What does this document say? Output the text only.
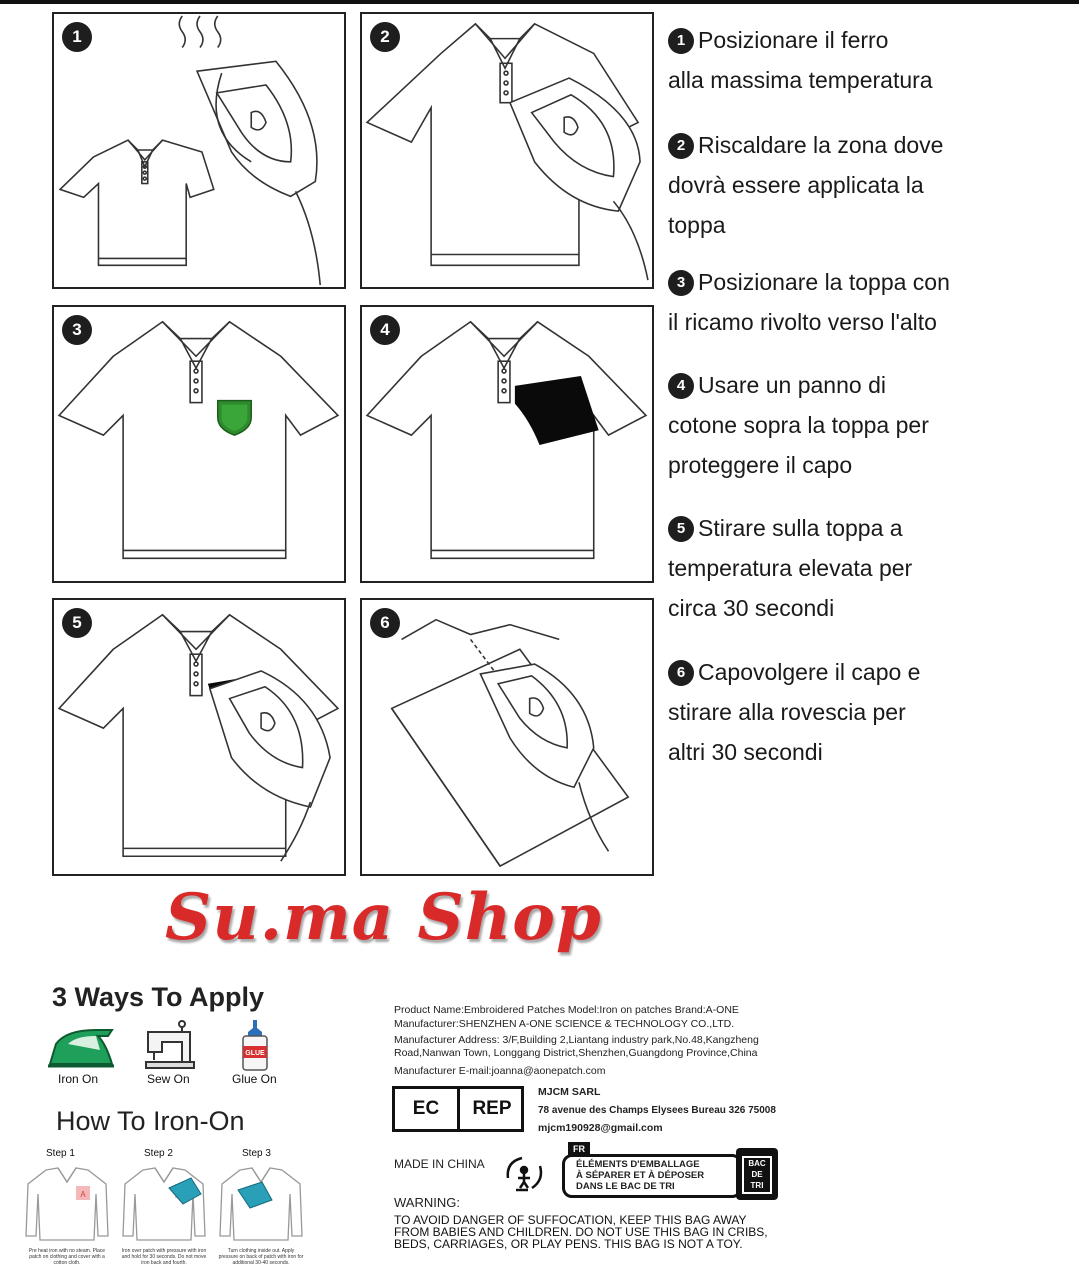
1	2
3	4
5	6
1 Posizionare il ferro
alla massima temperatura
2 Riscaldare la zona dove
dovrà essere applicata la
toppa
3 Posizionare la toppa con
il ricamo rivolto verso l'alto
4 Usare un panno di
cotone sopra la toppa per
proteggere il capo
5 Stirare sulla toppa a
temperatura elevata per
circa 30 secondi
6 Capovolgere il capo e
stirare alla rovescia per
altri 30 secondi
Su.ma Shop
3 Ways To Apply
GLUE
Iron On	Sew On	Glue On
How To Iron-On
Step 1	Step 2	Step 3
A
Pre heat iron with no steam. Place patch on clothing and cover with a cotton cloth.
Iron over patch with pressure with iron and hold for 30 seconds. Do not move iron back and fourth.
Turn clothing inside out. Apply pressure on back of patch with iron for additional 30-40 seconds.
Product Name:Embroidered Patches Model:Iron on patches Brand:A-ONE
Manufacturer:SHENZHEN A-ONE SCIENCE & TECHNOLOGY CO.,LTD.
Manufacturer Address: 3/F,Building 2,Liantang industry park,No.48,Kangzheng
Road,Nanwan Town, Longgang District,Shenzhen,Guangdong Province,China
Manufacturer E-mail:joanna@aonepatch.com
EC	REP
MJCM SARL
78 avenue des Champs Elysees Bureau 326 75008
mjcm190928@gmail.com
MADE IN CHINA
FR
ÉLÉMENTS D'EMBALLAGE
À SÉPARER ET À DÉPOSER
DANS LE BAC DE TRI
BAC
DE
TRI
WARNING:
TO AVOID DANGER OF SUFFOCATION, KEEP THIS BAG AWAY
FROM BABIES AND CHILDREN. DO NOT USE THIS BAG IN CRIBS,
BEDS, CARRIAGES, OR PLAY PENS. THIS BAG IS NOT A TOY.
